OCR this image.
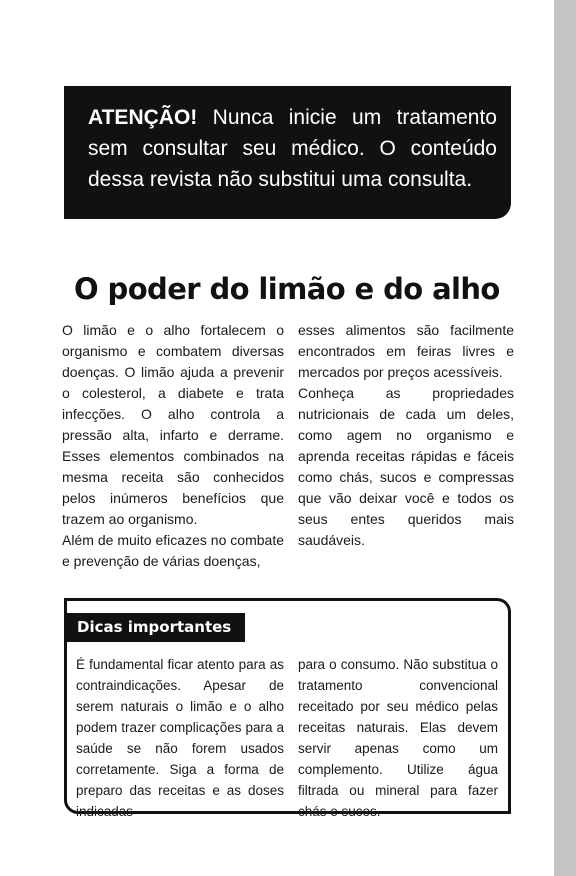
ATENÇÃO! Nunca inicie um tratamento sem consultar seu médico. O conteúdo dessa revista não substitui uma consulta.

O poder do limão e do alho

O limão e o alho fortalecem o organismo e combatem diversas doenças. O limão ajuda a prevenir o colesterol, a diabete e trata infecções. O alho controla a pressão alta, infarto e derrame. Esses elementos combinados na mesma receita são conhecidos pelos inúmeros benefícios que trazem ao organismo.

Além de muito eficazes no combate e prevenção de várias doenças,

esses alimentos são facilmente encontrados em feiras livres e mercados por preços acessíveis.

Conheça as propriedades nutricionais de cada um deles, como agem no organismo e aprenda receitas rápidas e fáceis como chás, sucos e compressas que vão deixar você e todos os seus entes queridos mais saudáveis.

Dicas importantes

É fundamental ficar atento para as contraindicações. Apesar de serem naturais o limão e o alho podem trazer complicações para a saúde se não forem usados corretamente. Siga a forma de preparo das receitas e as doses indicadas

para o consumo. Não substitua o tratamento convencional receitado por seu médico pelas receitas naturais. Elas devem servir apenas como um complemento. Utilize água filtrada ou mineral para fazer chás e sucos.
